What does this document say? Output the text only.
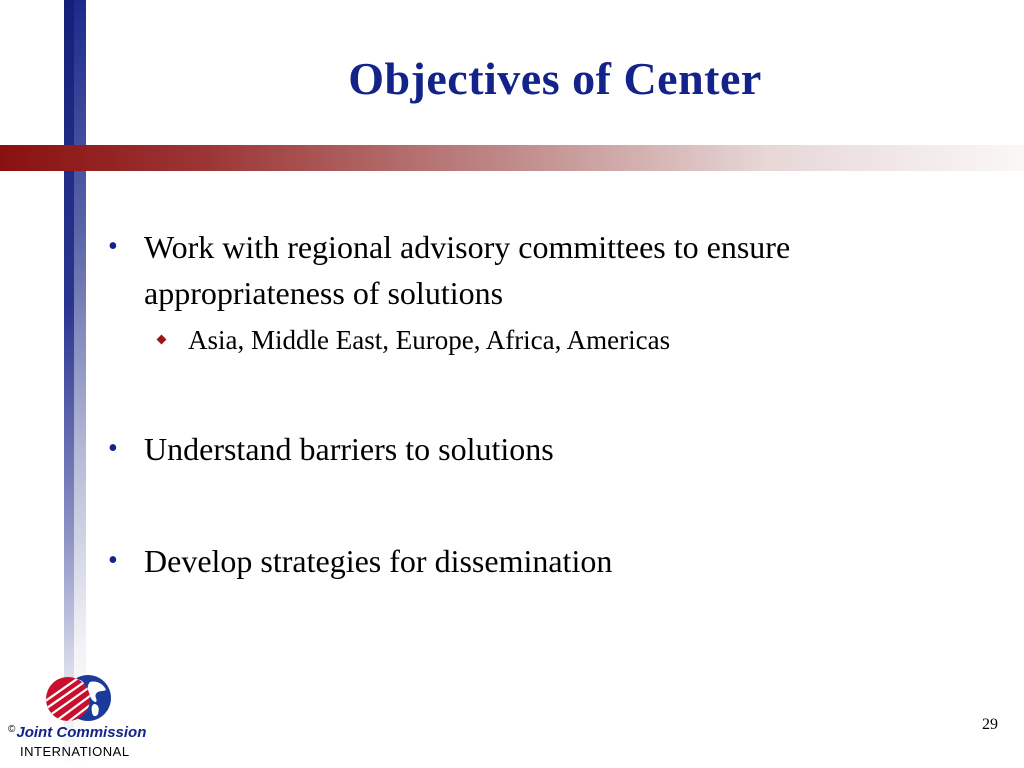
Objectives of Center
• Work with regional advisory committees to ensure appropriateness of solutions
Asia, Middle East, Europe, Africa, Americas
• Understand barriers to solutions
• Develop strategies for dissemination
©Joint Commission
INTERNATIONAL
29
